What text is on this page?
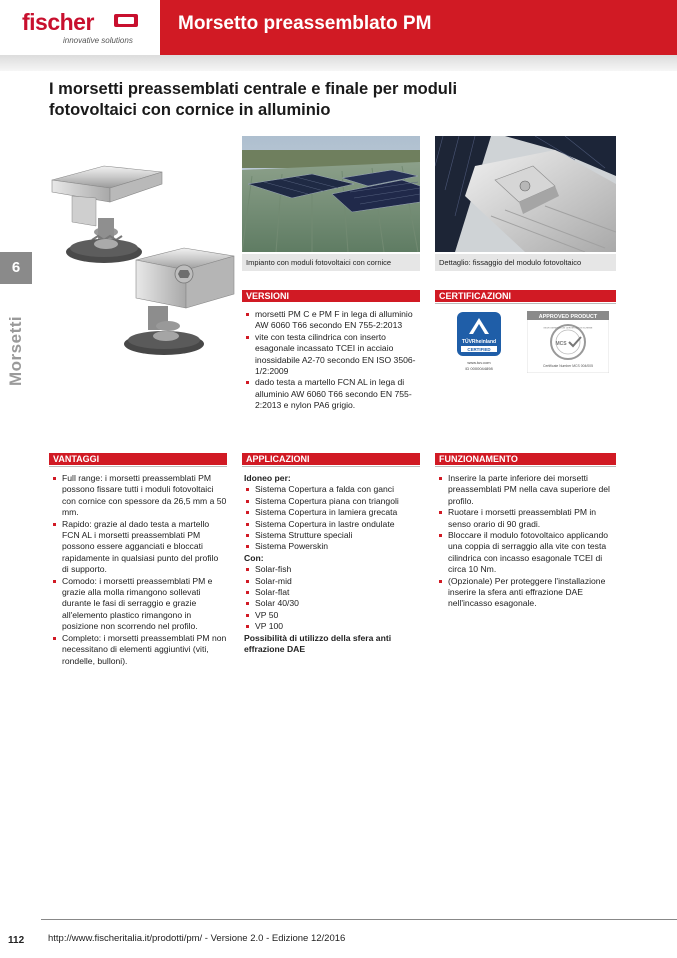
fischer
innovative solutions
Morsetto preassemblato PM
6
Morsetti
I morsetti preassemblati centrale e finale per moduli fotovoltaici con cornice in alluminio
Impianto con moduli fotovoltaici con cornice	Dettaglio: fissaggio del modulo fotovoltaico
VERSIONI
morsetti PM C e PM F in lega di alluminio AW 6060 T66 secondo EN 755-2:2013
vite con testa cilindrica con inserto esagonale incassato TCEI in acciaio inossidabile A2-70 secondo EN ISO 3506-1/2:2009
dado testa a martello FCN AL in lega di alluminio AW 6060 T66 secondo EN 755-2:2013 e nylon PA6 grigio.
CERTIFICAZIONI
TÜVRheinland
CERTIFIED
www.tuv.com
ID 0000044898
APPROVED PRODUCT
MICROGENERATION CERTIFICATION SCHEME
MCS
Certificate Number MCS 004/005
VANTAGGI
Full range: i morsetti preassemblati PM possono fissare tutti i moduli fotovoltaici con cornice con spessore da 26,5 mm a 50 mm.
Rapido: grazie al dado testa a martello FCN AL i morsetti preassemblati PM possono essere agganciati e bloccati rapidamente in qualsiasi punto del profilo di supporto.
Comodo: i morsetti preassemblati PM e grazie alla molla rimangono sollevati durante le fasi di serraggio e grazie all'elemento plastico rimangono in posizione non scorrendo nel profilo.
Completo: i morsetti preassemblati PM non necessitano di elementi aggiuntivi (viti, rondelle, bulloni).
APPLICAZIONI
Idoneo per:
Sistema Copertura a falda con ganci
Sistema Copertura piana con triangoli
Sistema Copertura in lamiera grecata
Sistema Copertura in lastre ondulate
Sistema Strutture speciali
Sistema Powerskin
Con:
Solar-fish
Solar-mid
Solar-flat
Solar 40/30
VP 50
VP 100
Possibilità di utilizzo della sfera anti effrazione DAE
FUNZIONAMENTO
Inserire la parte inferiore dei morsetti preassemblati PM nella cava superiore del profilo.
Ruotare i morsetti preassemblati PM in senso orario di 90 gradi.
Bloccare il modulo fotovoltaico applicando una coppia di serraggio alla vite con testa cilindrica con incasso esagonale TCEI di circa 10 Nm.
(Opzionale) Per proteggere l'installazione inserire la sfera anti effrazione DAE nell'incasso esagonale.
112	http://www.fischeritalia.it/prodotti/pm/ - Versione 2.0 - Edizione 12/2016
